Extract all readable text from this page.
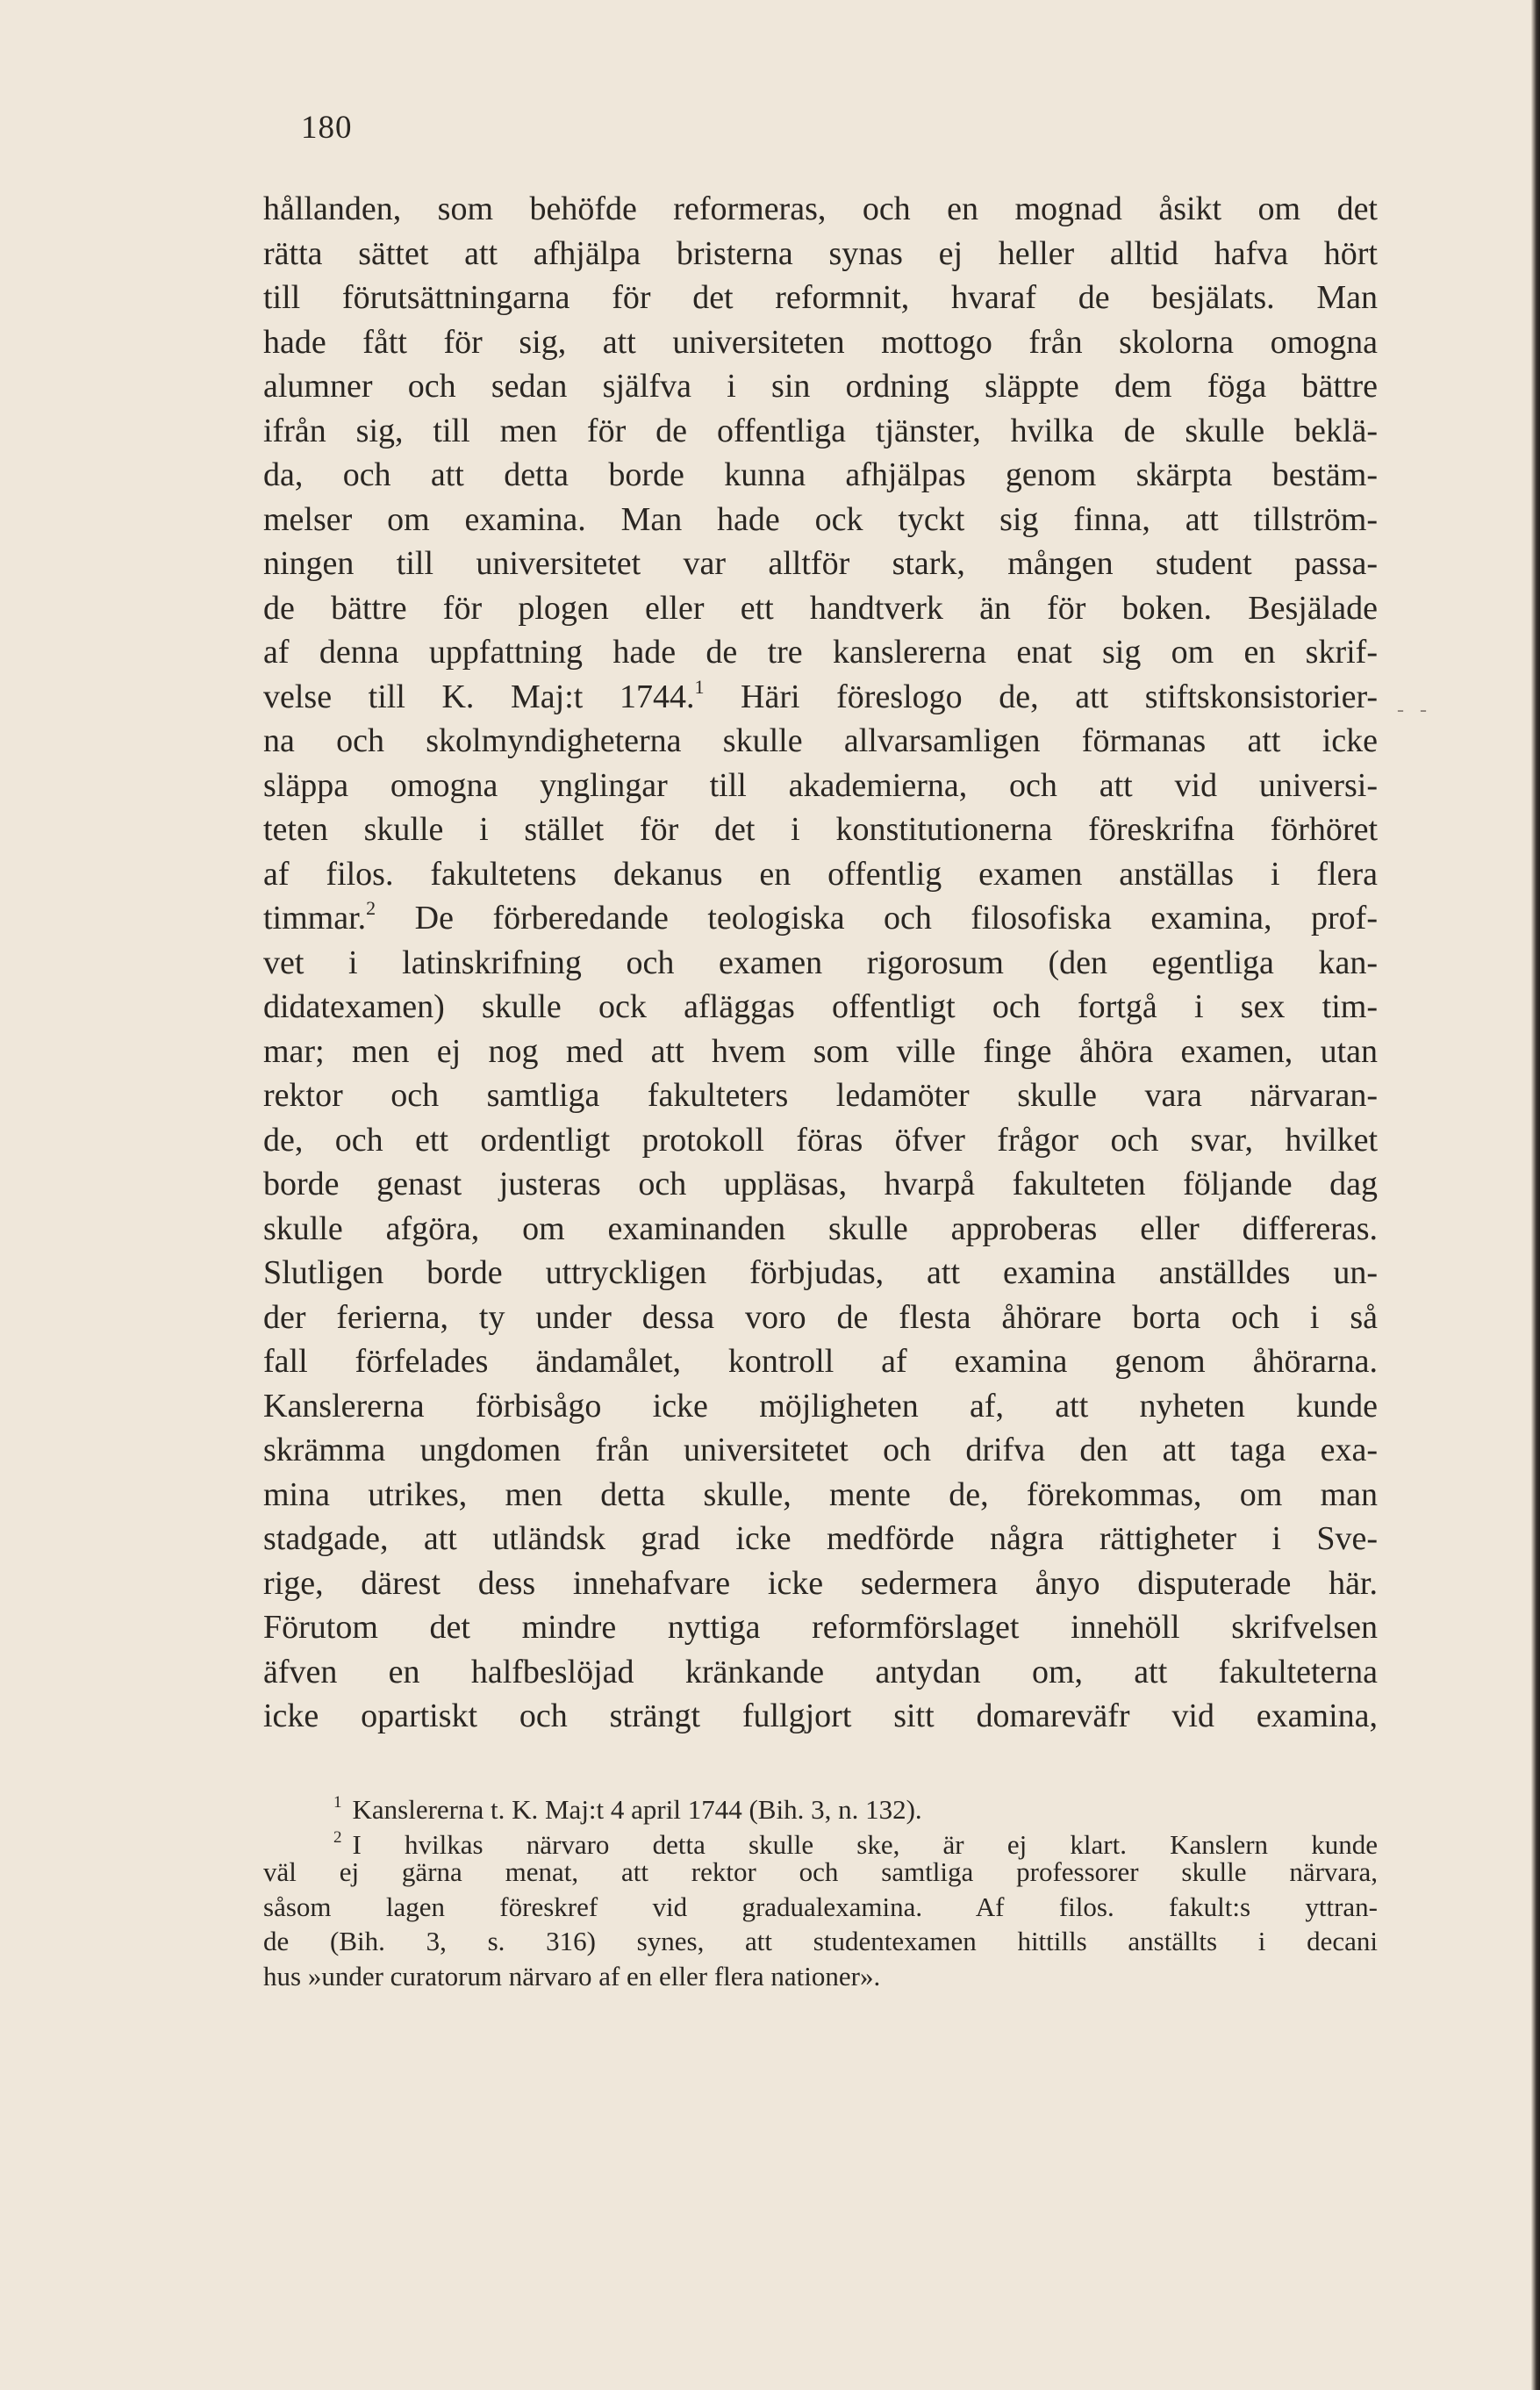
180
- -
hållanden, som behöfde reformeras, och en mognad åsikt om det
rätta sättet att afhjälpa bristerna synas ej heller alltid hafva hört
till förutsättningarna för det reformnit, hvaraf de besjälats. Man
hade fått för sig, att universiteten mottogo från skolorna omogna
alumner och sedan själfva i sin ordning släppte dem föga bättre
ifrån sig, till men för de offentliga tjänster, hvilka de skulle beklä-
da, och att detta borde kunna afhjälpas genom skärpta bestäm-
melser om examina. Man hade ock tyckt sig finna, att tillström-
ningen till universitetet var alltför stark, mången student passa-
de bättre för plogen eller ett handtverk än för boken. Besjälade
af denna uppfattning hade de tre kanslererna enat sig om en skrif-
velse till K. Maj:t 1744.$^1$ Häri föreslogo de, att stiftskonsistorier-
na och skolmyndigheterna skulle allvarsamligen förmanas att icke
släppa omogna ynglingar till akademierna, och att vid universi-
teten skulle i stället för det i konstitutionerna föreskrifna förhöret
af filos. fakultetens dekanus en offentlig examen anställas i flera
timmar.$^2$ De förberedande teologiska och filosofiska examina, prof-
vet i latinskrifning och examen rigorosum (den egentliga kan-
didatexamen) skulle ock afläggas offentligt och fortgå i sex tim-
mar; men ej nog med att hvem som ville finge åhöra examen, utan
rektor och samtliga fakulteters ledamöter skulle vara närvaran-
de, och ett ordentligt protokoll föras öfver frågor och svar, hvilket
borde genast justeras och uppläsas, hvarpå fakulteten följande dag
skulle afgöra, om examinanden skulle approberas eller differeras.
Slutligen borde uttryckligen förbjudas, att examina anställdes un-
der ferierna, ty under dessa voro de flesta åhörare borta och i så
fall förfelades ändamålet, kontroll af examina genom åhörarna.
Kanslererna förbisågo icke möjligheten af, att nyheten kunde
skrämma ungdomen från universitetet och drifva den att taga exa-
mina utrikes, men detta skulle, mente de, förekommas, om man
stadgade, att utländsk grad icke medförde några rättigheter i Sve-
rige, därest dess innehafvare icke sedermera ånyo disputerade här.
Förutom det mindre nyttiga reformförslaget innehöll skrifvelsen
äfven en halfbeslöjad kränkande antydan om, att fakulteterna
icke opartiskt och strängt fullgjort sitt domareväfr vid examina,
$^1$ Kanslererna t. K. Maj:t 4 april 1744 (Bih. 3, n. 132).
$^2$ I hvilkas närvaro detta skulle ske, är ej klart. Kanslern kunde
väl ej gärna menat, att rektor och samtliga professorer skulle närvara,
såsom lagen föreskref vid gradualexamina. Af filos. fakult:s yttran-
de (Bih. 3, s. 316) synes, att studentexamen hittills anställts i decani
hus »under curatorum närvaro af en eller flera nationer».
